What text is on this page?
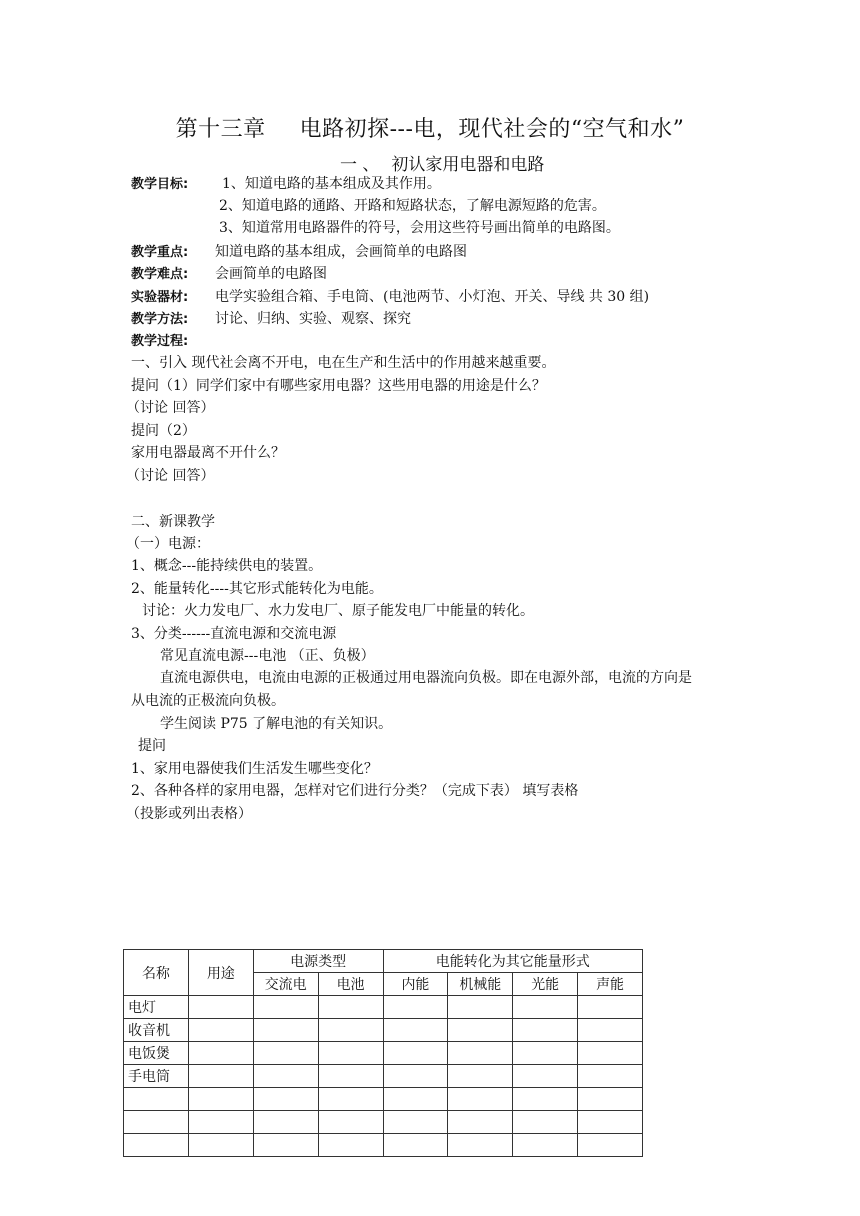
第十三章 电路初探---电，现代社会的“空气和水”
一 、 初认家用电器和电路
教学目标: 1、知道电路的基本组成及其作用。
2、知道电路的通路、开路和短路状态，了解电源短路的危害。
3、知道常用电路器件的符号，会用这些符号画出简单的电路图。
教学重点: 知道电路的基本组成，会画简单的电路图
教学难点: 会画简单的电路图
实验器材: 电学实验组合箱、手电筒、(电池两节、小灯泡、开关、导线 共 30 组)
教学方法: 讨论、归纳、实验、观察、探究
教学过程:
一、引入 现代社会离不开电，电在生产和生活中的作用越来越重要。
提问（1）同学们家中有哪些家用电器？这些用电器的用途是什么？
（讨论 回答）
提问（2）
家用电器最离不开什么？
（讨论 回答）
二、新课教学
（一）电源：
1、概念---能持续供电的装置。
2、能量转化----其它形式能转化为电能。
讨论：火力发电厂、水力发电厂、原子能发电厂中能量的转化。
3、分类------直流电源和交流电源
常见直流电源---电池 （正、负极）
直流电源供电，电流由电源的正极通过用电器流向负极。即在电源外部，电流的方向是
从电流的正极流向负极。
学生阅读 P75 了解电池的有关知识。
提问
1、家用电器使我们生活发生哪些变化？
2、各种各样的家用电器，怎样对它们进行分类？（完成下表） 填写表格
（投影或列出表格）
名称	用途	电源类型		电能转化为其它能量形式			
		交流电	电池	内能	机械能	光能	声能
电灯							
收音机							
电饭煲							
手电筒							
